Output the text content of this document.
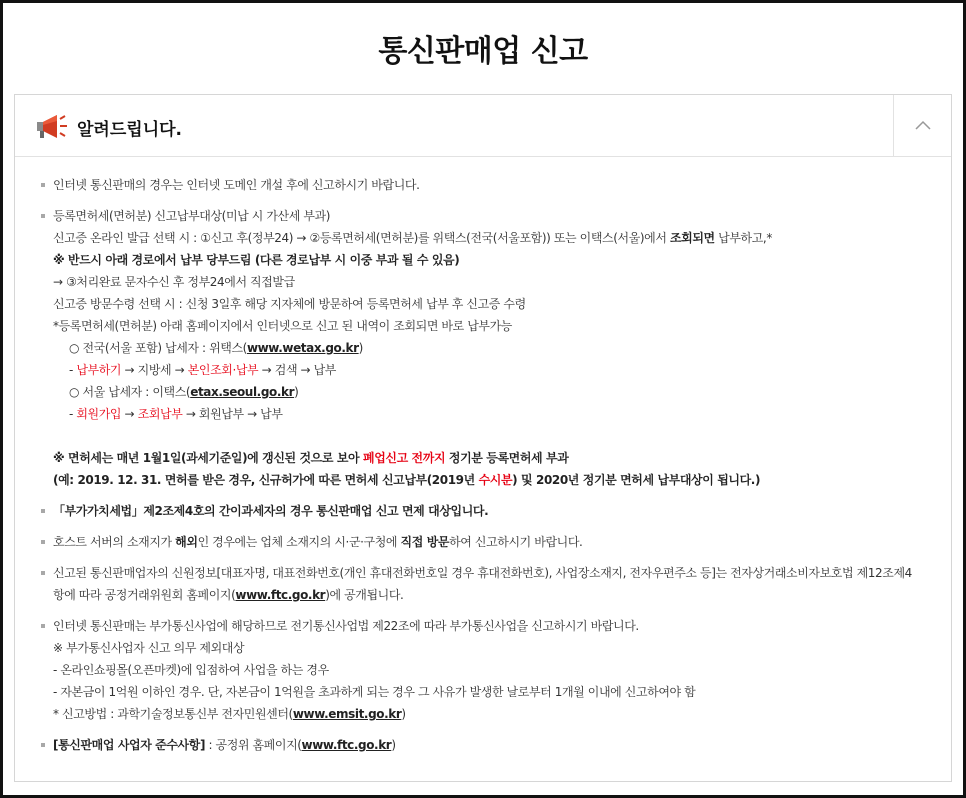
통신판매업 신고
알려드립니다.
인터넷 통신판매의 경우는 인터넷 도메인 개설 후에 신고하시기 바랍니다.
등록면허세(면허분) 신고납부대상(미납 시 가산세 부과)
신고증 온라인 발급 선택 시 : ①신고 후(정부24) → ②등록면허세(면허분)를 위택스(전국(서울포함)) 또는 이택스(서울)에서 조회되면 납부하고,*
※ 반드시 아래 경로에서 납부 당부드림 (다른 경로납부 시 이중 부과 될 수 있음)
→ ③처리완료 문자수신 후 정부24에서 직접발급
신고증 방문수령 선택 시 : 신청 3일후 해당 지자체에 방문하여 등록면허세 납부 후 신고증 수령
*등록면허세(면허분) 아래 홈페이지에서 인터넷으로 신고 된 내역이 조회되면 바로 납부가능
○ 전국(서울 포함) 납세자 : 위택스(www.wetax.go.kr)
- 납부하기 → 지방세 → 본인조회·납부 → 검색 → 납부
○ 서울 납세자 : 이택스(etax.seoul.go.kr)
- 회원가입 → 조회납부 → 회원납부 → 납부
※ 면허세는 매년 1월1일(과세기준일)에 갱신된 것으로 보아 폐업신고 전까지 정기분 등록면허세 부과
(예: 2019. 12. 31. 면허를 받은 경우, 신규허가에 따른 면허세 신고납부(2019년 수시분) 및 2020년 정기분 면허세 납부대상이 됩니다.)
「부가가치세법」제2조제4호의 간이과세자의 경우 통신판매업 신고 면제 대상입니다.
호스트 서버의 소재지가 해외인 경우에는 업체 소재지의 시·군·구청에 직접 방문하여 신고하시기 바랍니다.
신고된 통신판매업자의 신원정보[대표자명, 대표전화번호(개인 휴대전화번호일 경우 휴대전화번호), 사업장소재지, 전자우편주소 등]는 전자상거래소비자보호법 제12조제4
항에 따라 공정거래위원회 홈페이지(www.ftc.go.kr)에 공개됩니다.
인터넷 통신판매는 부가통신사업에 해당하므로 전기통신사업법 제22조에 따라 부가통신사업을 신고하시기 바랍니다.
※ 부가통신사업자 신고 의무 제외대상
- 온라인쇼핑몰(오픈마켓)에 입점하여 사업을 하는 경우
- 자본금이 1억원 이하인 경우. 단, 자본금이 1억원을 초과하게 되는 경우 그 사유가 발생한 날로부터 1개월 이내에 신고하여야 함
* 신고방법 : 과학기술정보통신부 전자민원센터(www.emsit.go.kr)
[통신판매업 사업자 준수사항] : 공정위 홈페이지(www.ftc.go.kr)
